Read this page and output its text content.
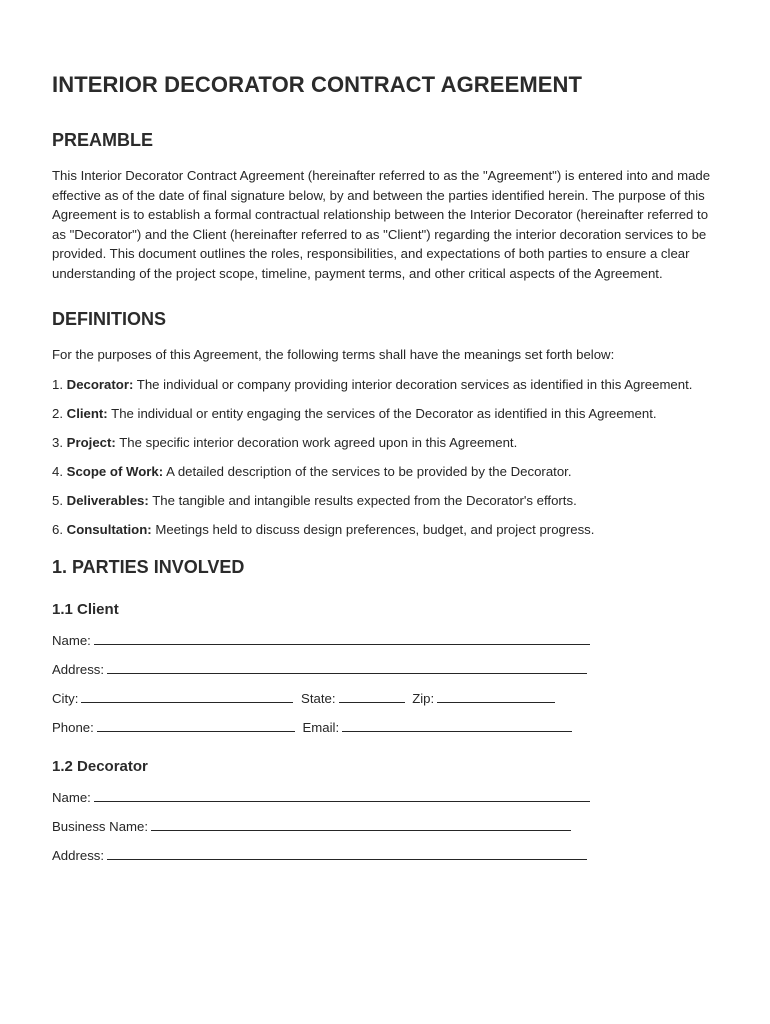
INTERIOR DECORATOR CONTRACT AGREEMENT
PREAMBLE

This Interior Decorator Contract Agreement (hereinafter referred to as the "Agreement") is entered into and made effective as of the date of final signature below, by and between the parties identified herein. The purpose of this Agreement is to establish a formal contractual relationship between the Interior Decorator (hereinafter referred to as "Decorator") and the Client (hereinafter referred to as "Client") regarding the interior decoration services to be provided. This document outlines the roles, responsibilities, and expectations of both parties to ensure a clear understanding of the project scope, timeline, payment terms, and other critical aspects of the Agreement.

DEFINITIONS

For the purposes of this Agreement, the following terms shall have the meanings set forth below:

1. Decorator: The individual or company providing interior decoration services as identified in this Agreement.

2. Client: The individual or entity engaging the services of the Decorator as identified in this Agreement.

3. Project: The specific interior decoration work agreed upon in this Agreement.

4. Scope of Work: A detailed description of the services to be provided by the Decorator.

5. Deliverables: The tangible and intangible results expected from the Decorator's efforts.

6. Consultation: Meetings held to discuss design preferences, budget, and project progress.

1. PARTIES INVOLVED
1.1 Client
Name:
Address:
City:	State:	Zip:
Phone:	Email:
1.2 Decorator
Name:
Business Name:
Address:
